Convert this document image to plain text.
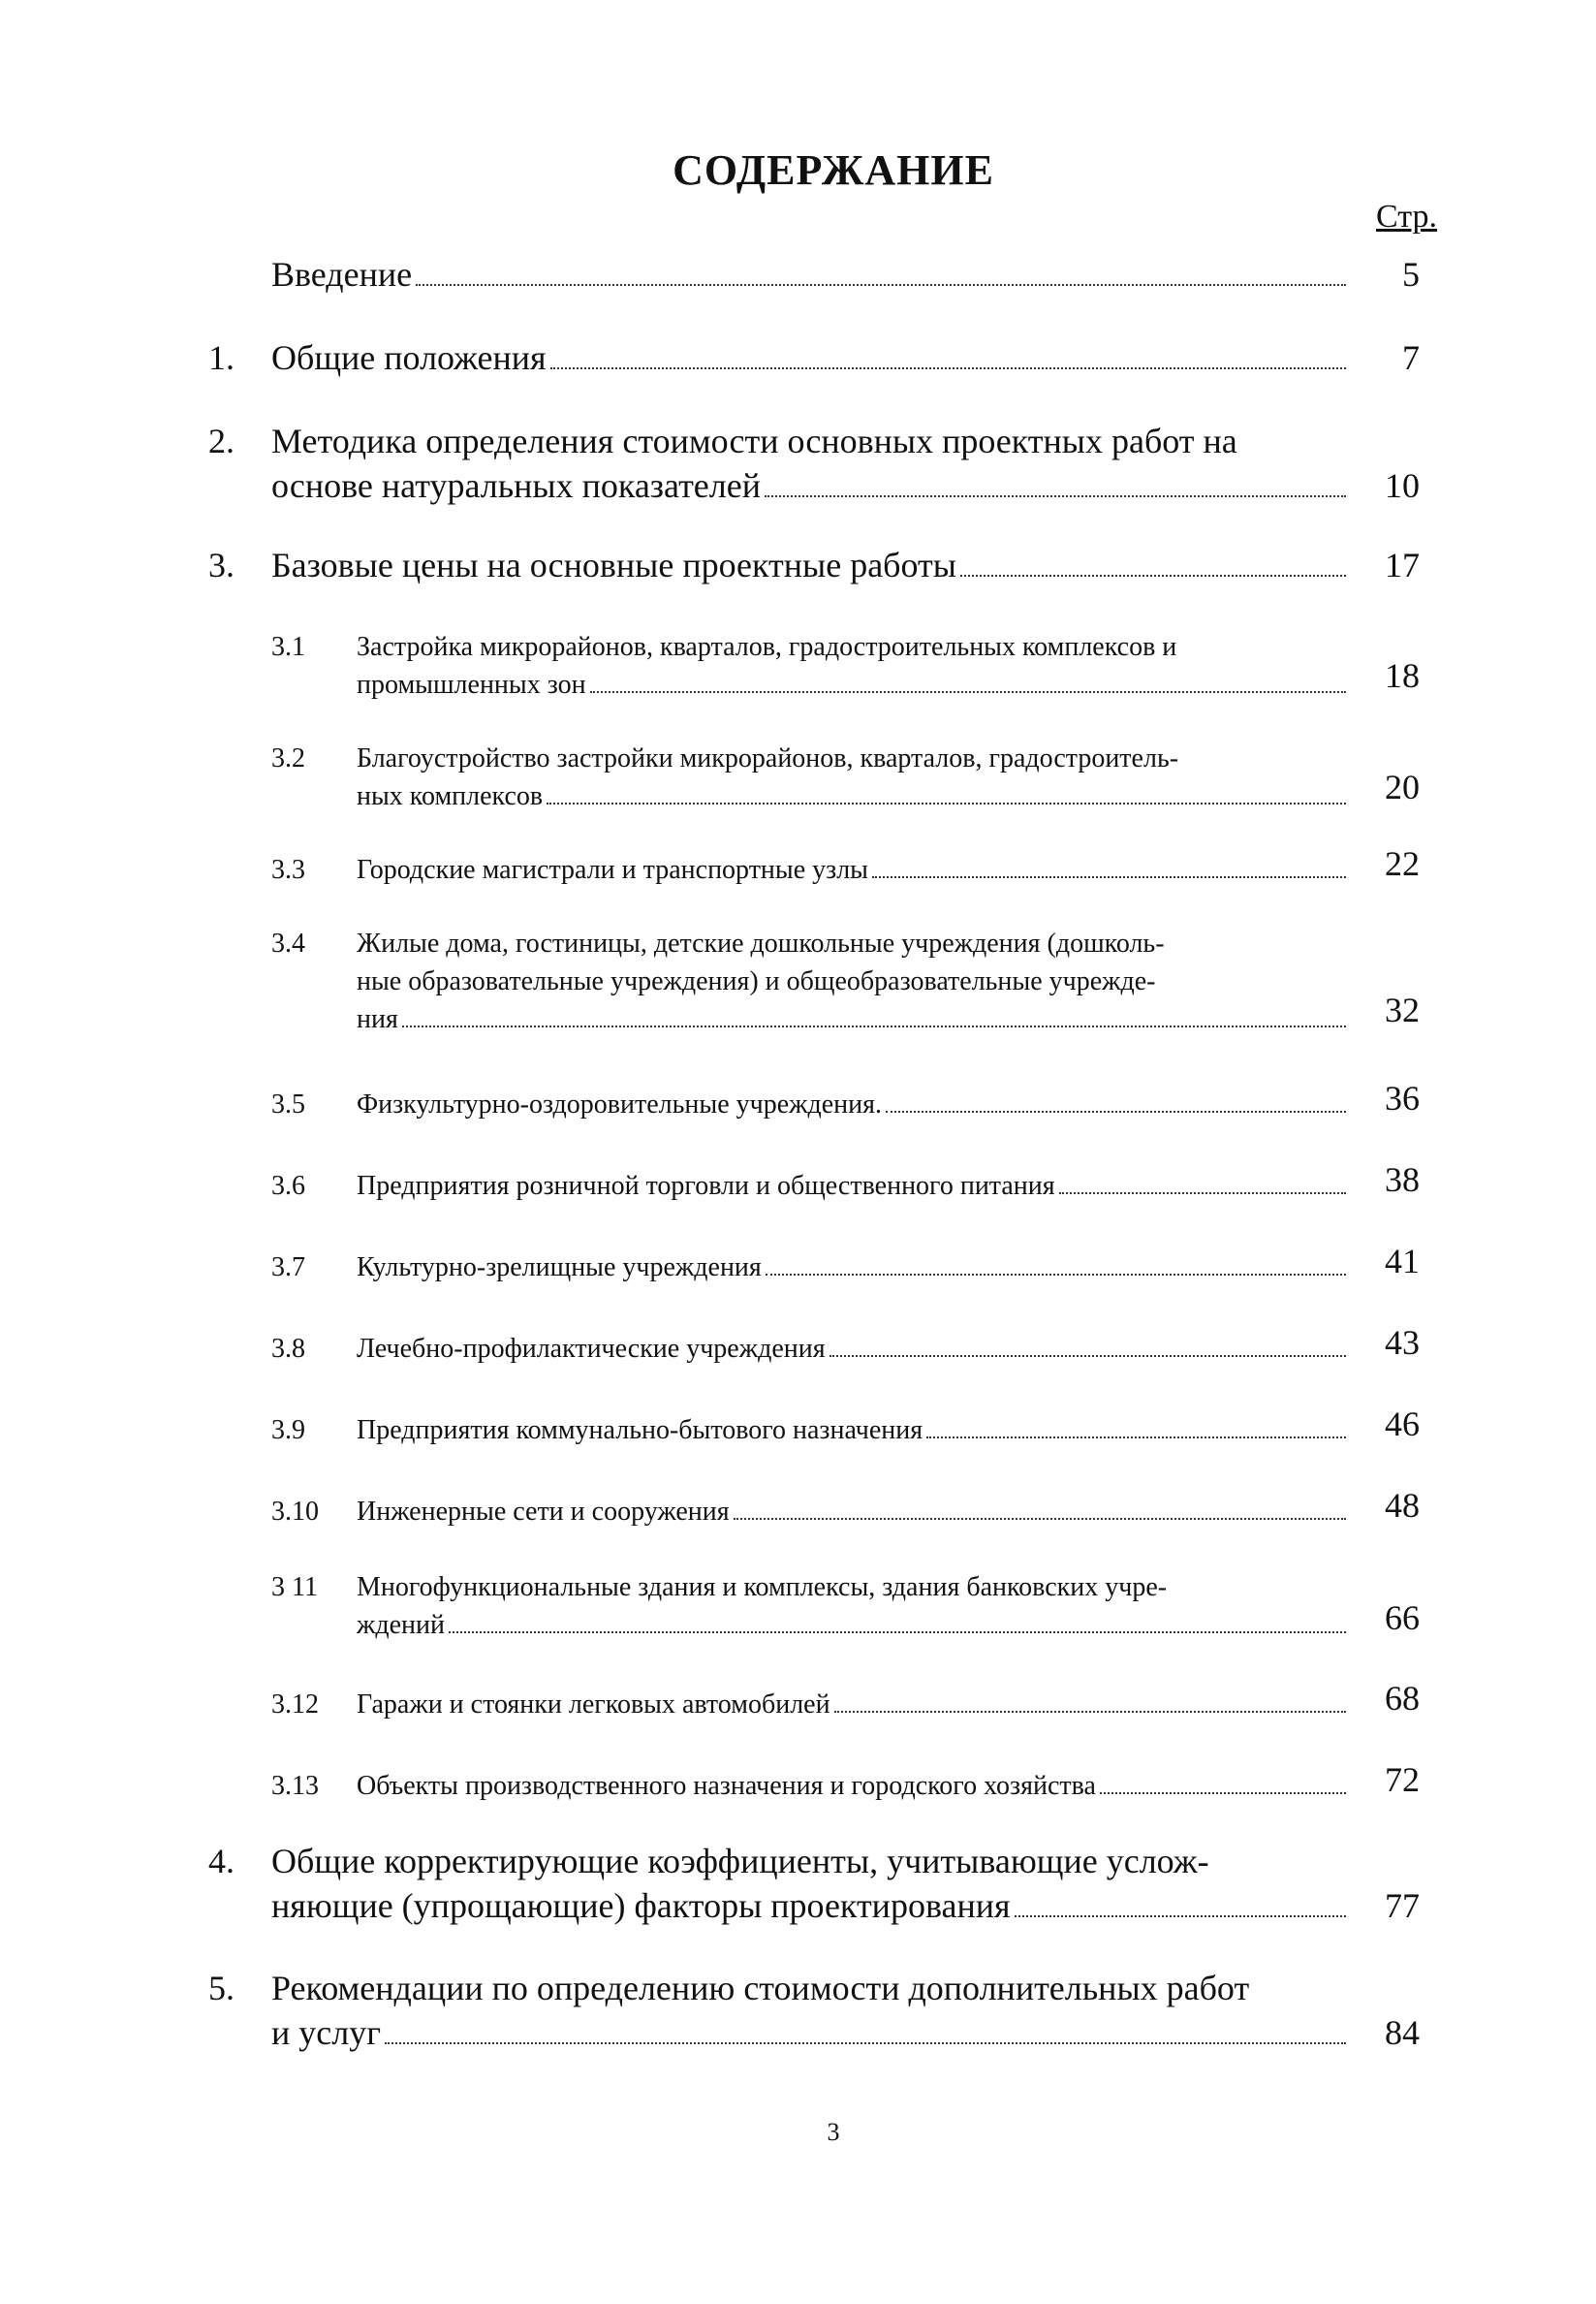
СОДЕРЖАНИЕ
Стр.
Введение	5
1. Общие положения	7
2. Методика определения стоимости основных проектных работ на
основе натуральных показателей	10
3. Базовые цены на основные проектные работы	17
3.1 Застройка микрорайонов, кварталов, градостроительных комплексов и
промышленных зон	18
3.2 Благоустройство застройки микрорайонов, кварталов, градостроитель-
ных комплексов	20
3.3 Городские магистрали и транспортные узлы	22
3.4 Жилые дома, гостиницы, детские дошкольные учреждения (дошколь-
ные образовательные учреждения) и общеобразовательные учрежде-
ния	32
3.5 Физкультурно-оздоровительные учреждения.	36
3.6 Предприятия розничной торговли и общественного питания	38
3.7 Культурно-зрелищные учреждения	41
3.8 Лечебно-профилактические учреждения	43
3.9 Предприятия коммунально-бытового назначения	46
3.10 Инженерные сети и сооружения	48
3 11 Многофункциональные здания и комплексы, здания банковских учре-
ждений	66
3.12 Гаражи и стоянки легковых автомобилей	68
3.13 Объекты производственного назначения и городского хозяйства	72
4. Общие корректирующие коэффициенты, учитывающие услож-
няющие (упрощающие) факторы проектирования	77
5. Рекомендации по определению стоимости дополнительных работ
и услуг	84
3
